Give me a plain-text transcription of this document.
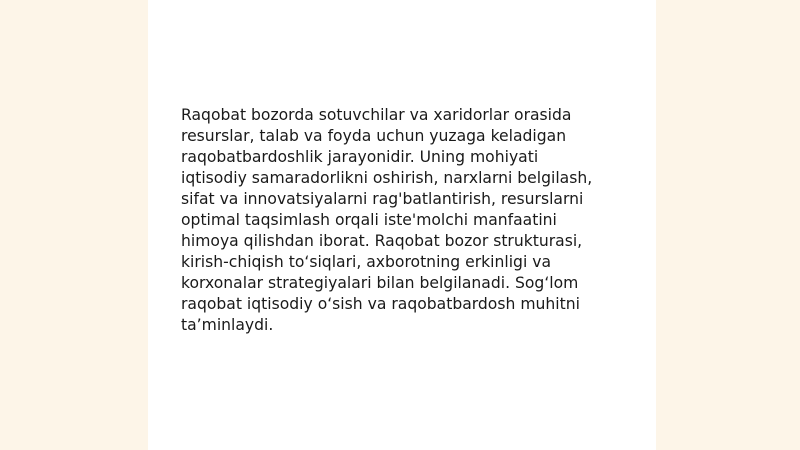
Raqobat bozorda sotuvchilar va xaridorlar orasida
resurslar, talab va foyda uchun yuzaga keladigan
raqobatbardoshlik jarayonidir. Uning mohiyati
iqtisodiy samaradorlikni oshirish, narxlarni belgilash,
sifat va innovatsiyalarni rag'batlantirish, resurslarni
optimal taqsimlash orqali iste'molchi manfaatini
himoya qilishdan iborat. Raqobat bozor strukturasi,
kirish-chiqish to‘siqlari, axborotning erkinligi va
korxonalar strategiyalari bilan belgilanadi. Sog‘lom
raqobat iqtisodiy o‘sish va raqobatbardosh muhitni
ta’minlaydi.
